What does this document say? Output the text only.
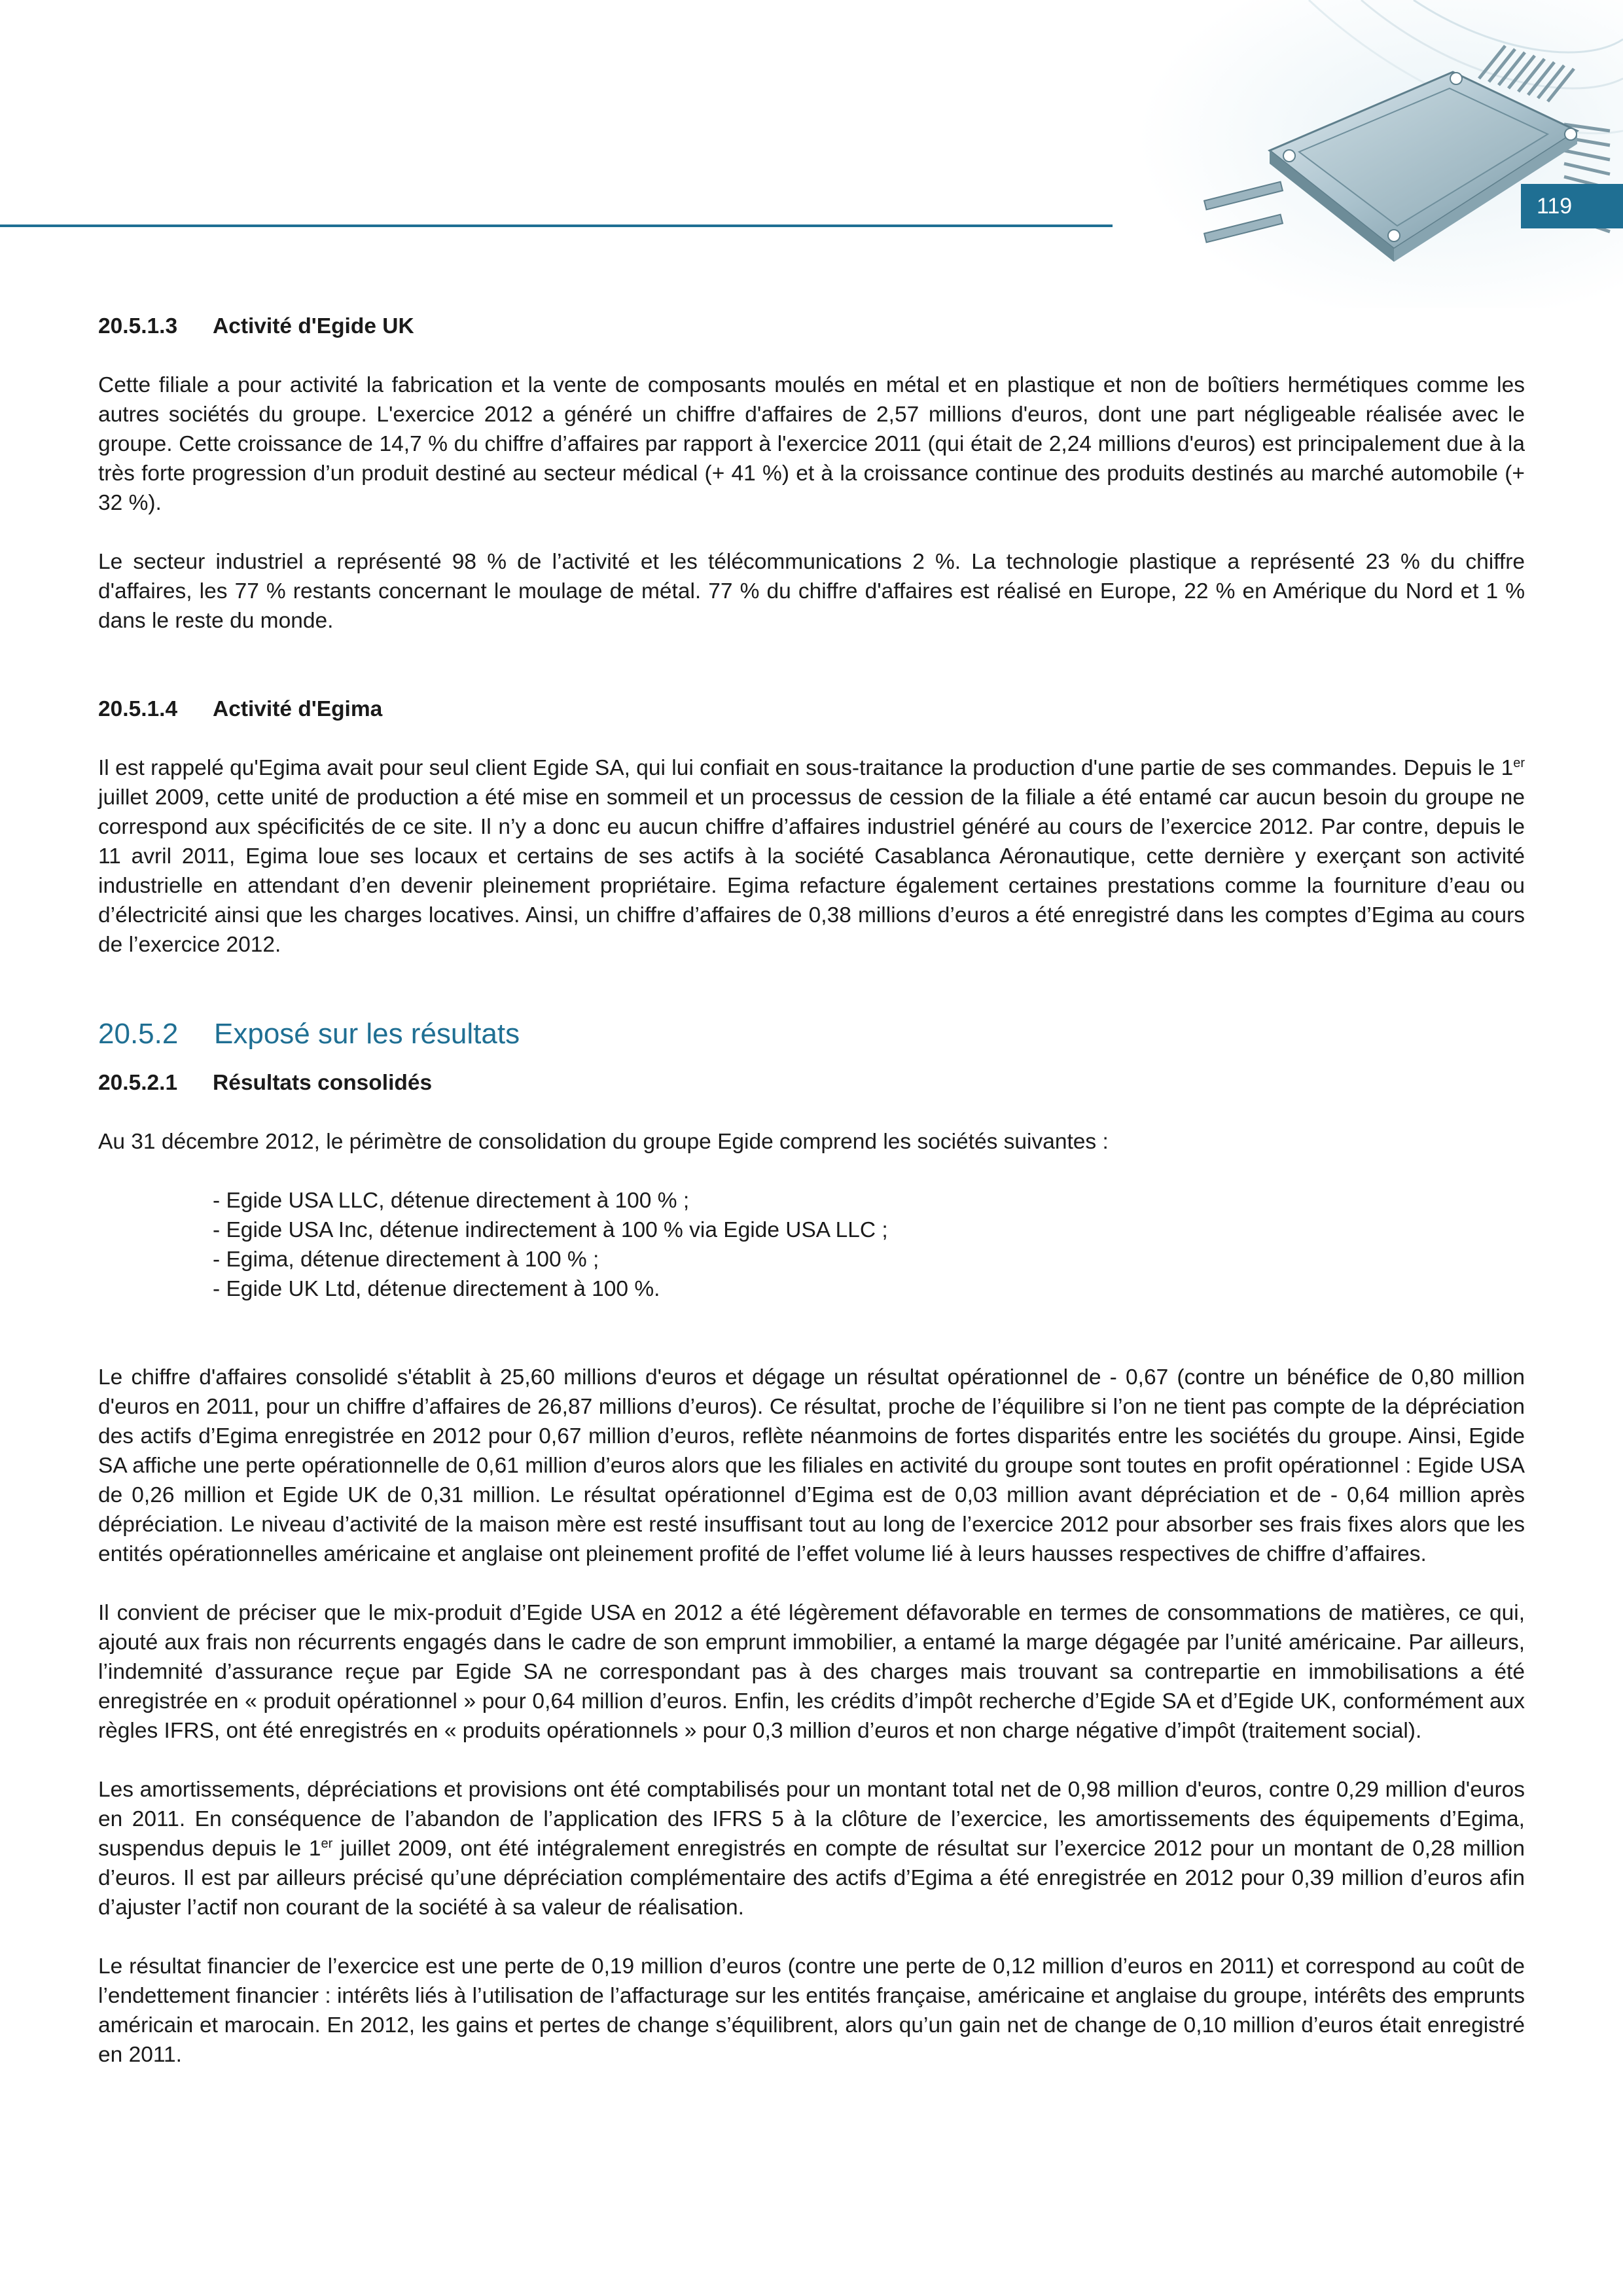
119
20.5.1.3 Activité d'Egide UK

Cette filiale a pour activité la fabrication et la vente de composants moulés en métal et en plastique et non de boîtiers hermétiques comme les autres sociétés du groupe. L'exercice 2012 a généré un chiffre d'affaires de 2,57 millions d'euros, dont une part négligeable réalisée avec le groupe. Cette croissance de 14,7 % du chiffre d’affaires par rapport à l'exercice 2011 (qui était de 2,24 millions d'euros) est principalement due à la très forte progression d’un produit destiné au secteur médical (+ 41 %) et à la croissance continue des produits destinés au marché automobile (+ 32 %).

Le secteur industriel a représenté 98 % de l’activité et les télécommunications 2 %. La technologie plastique a représenté 23 % du chiffre d'affaires, les 77 % restants concernant le moulage de métal. 77 % du chiffre d'affaires est réalisé en Europe, 22 % en Amérique du Nord et 1 % dans le reste du monde.

20.5.1.4 Activité d'Egima

Il est rappelé qu'Egima avait pour seul client Egide SA, qui lui confiait en sous-traitance la production d'une partie de ses commandes. Depuis le 1er juillet 2009, cette unité de production a été mise en sommeil et un processus de cession de la filiale a été entamé car aucun besoin du groupe ne correspond aux spécificités de ce site. Il n’y a donc eu aucun chiffre d’affaires industriel généré au cours de l’exercice 2012. Par contre, depuis le 11 avril 2011, Egima loue ses locaux et certains de ses actifs à la société Casablanca Aéronautique, cette dernière y exerçant son activité industrielle en attendant d’en devenir pleinement propriétaire. Egima refacture également certaines prestations comme la fourniture d’eau ou d’électricité ainsi que les charges locatives. Ainsi, un chiffre d’affaires de 0,38 millions d’euros a été enregistré dans les comptes d’Egima au cours de l’exercice 2012.

20.5.2 Exposé sur les résultats
20.5.2.1 Résultats consolidés

Au 31 décembre 2012, le périmètre de consolidation du groupe Egide comprend les sociétés suivantes :

- Egide USA LLC, détenue directement à 100 % ;
- Egide USA Inc, détenue indirectement à 100 % via Egide USA LLC ;
- Egima, détenue directement à 100 % ;
- Egide UK Ltd, détenue directement à 100 %.

Le chiffre d'affaires consolidé s'établit à 25,60 millions d'euros et dégage un résultat opérationnel de - 0,67 (contre un bénéfice de 0,80 million d'euros en 2011, pour un chiffre d’affaires de 26,87 millions d’euros). Ce résultat, proche de l’équilibre si l’on ne tient pas compte de la dépréciation des actifs d’Egima enregistrée en 2012 pour 0,67 million d’euros, reflète néanmoins de fortes disparités entre les sociétés du groupe. Ainsi, Egide SA affiche une perte opérationnelle de 0,61 million d’euros alors que les filiales en activité du groupe sont toutes en profit opérationnel : Egide USA de 0,26 million et Egide UK de 0,31 million. Le résultat opérationnel d’Egima est de 0,03 million avant dépréciation et de - 0,64 million après dépréciation. Le niveau d’activité de la maison mère est resté insuffisant tout au long de l’exercice 2012 pour absorber ses frais fixes alors que les entités opérationnelles américaine et anglaise ont pleinement profité de l’effet volume lié à leurs hausses respectives de chiffre d’affaires.

Il convient de préciser que le mix-produit d’Egide USA en 2012 a été légèrement défavorable en termes de consommations de matières, ce qui, ajouté aux frais non récurrents engagés dans le cadre de son emprunt immobilier, a entamé la marge dégagée par l’unité américaine. Par ailleurs, l’indemnité d’assurance reçue par Egide SA ne correspondant pas à des charges mais trouvant sa contrepartie en immobilisations a été enregistrée en « produit opérationnel » pour 0,64 million d’euros. Enfin, les crédits d’impôt recherche d’Egide SA et d’Egide UK, conformément aux règles IFRS, ont été enregistrés en « produits opérationnels » pour 0,3 million d’euros et non charge négative d’impôt (traitement social).

Les amortissements, dépréciations et provisions ont été comptabilisés pour un montant total net de 0,98 million d'euros, contre 0,29 million d'euros en 2011. En conséquence de l’abandon de l’application des IFRS 5 à la clôture de l’exercice, les amortissements des équipements d’Egima, suspendus depuis le 1er juillet 2009, ont été intégralement enregistrés en compte de résultat sur l’exercice 2012 pour un montant de 0,28 million d’euros. Il est par ailleurs précisé qu’une dépréciation complémentaire des actifs d’Egima a été enregistrée en 2012 pour 0,39 million d’euros afin d’ajuster l’actif non courant de la société à sa valeur de réalisation.

Le résultat financier de l’exercice est une perte de 0,19 million d’euros (contre une perte de 0,12 million d’euros en 2011) et correspond au coût de l’endettement financier : intérêts liés à l’utilisation de l’affacturage sur les entités française, américaine et anglaise du groupe, intérêts des emprunts américain et marocain. En 2012, les gains et pertes de change s’équilibrent, alors qu’un gain net de change de 0,10 million d’euros était enregistré en 2011.
